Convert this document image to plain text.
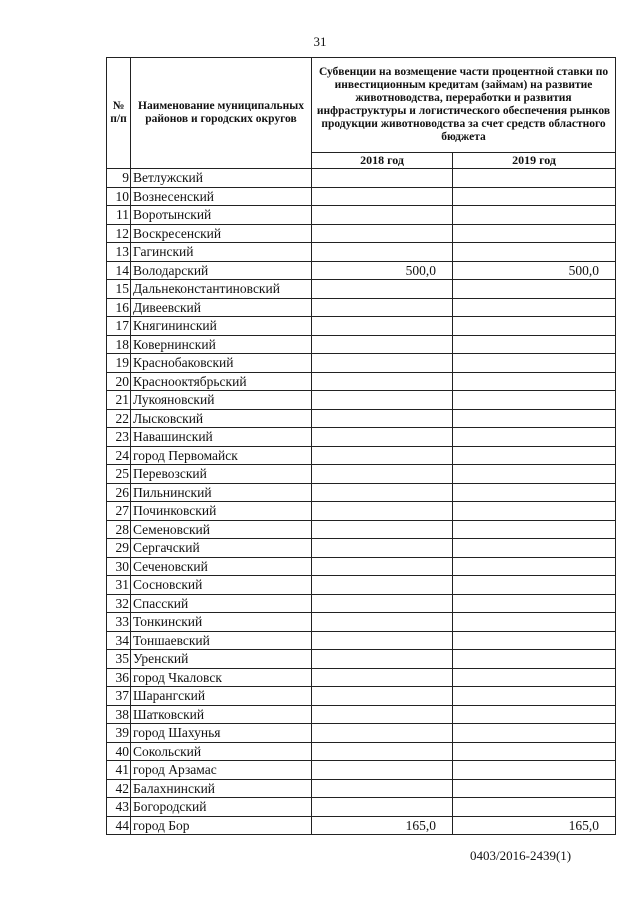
31
№ п/п	Наименование муниципальных районов и городских округов	Субвенции на возмещение части процентной ставки по инвестиционным кредитам (займам) на развитие животноводства, переработки и развития инфраструктуры и логистического обеспечения рынков продукции животноводства за счет средств областного бюджета	
		2018 год	2019 год
9	Ветлужский		
10	Вознесенский		
11	Воротынский		
12	Воскресенский		
13	Гагинский		
14	Володарский	500,0	500,0
15	Дальнеконстантиновский		
16	Дивеевский		
17	Княгининский		
18	Ковернинский		
19	Краснобаковский		
20	Краснооктябрьский		
21	Лукояновский		
22	Лысковский		
23	Навашинский		
24	город Первомайск		
25	Перевозский		
26	Пильнинский		
27	Починковский		
28	Семеновский		
29	Сергачский		
30	Сеченовский		
31	Сосновский		
32	Спасский		
33	Тонкинский		
34	Тоншаевский		
35	Уренский		
36	город Чкаловск		
37	Шарангский		
38	Шатковский		
39	город Шахунья		
40	Сокольский		
41	город Арзамас		
42	Балахнинский		
43	Богородский		
44	город Бор	165,0	165,0
0403/2016-2439(1)
